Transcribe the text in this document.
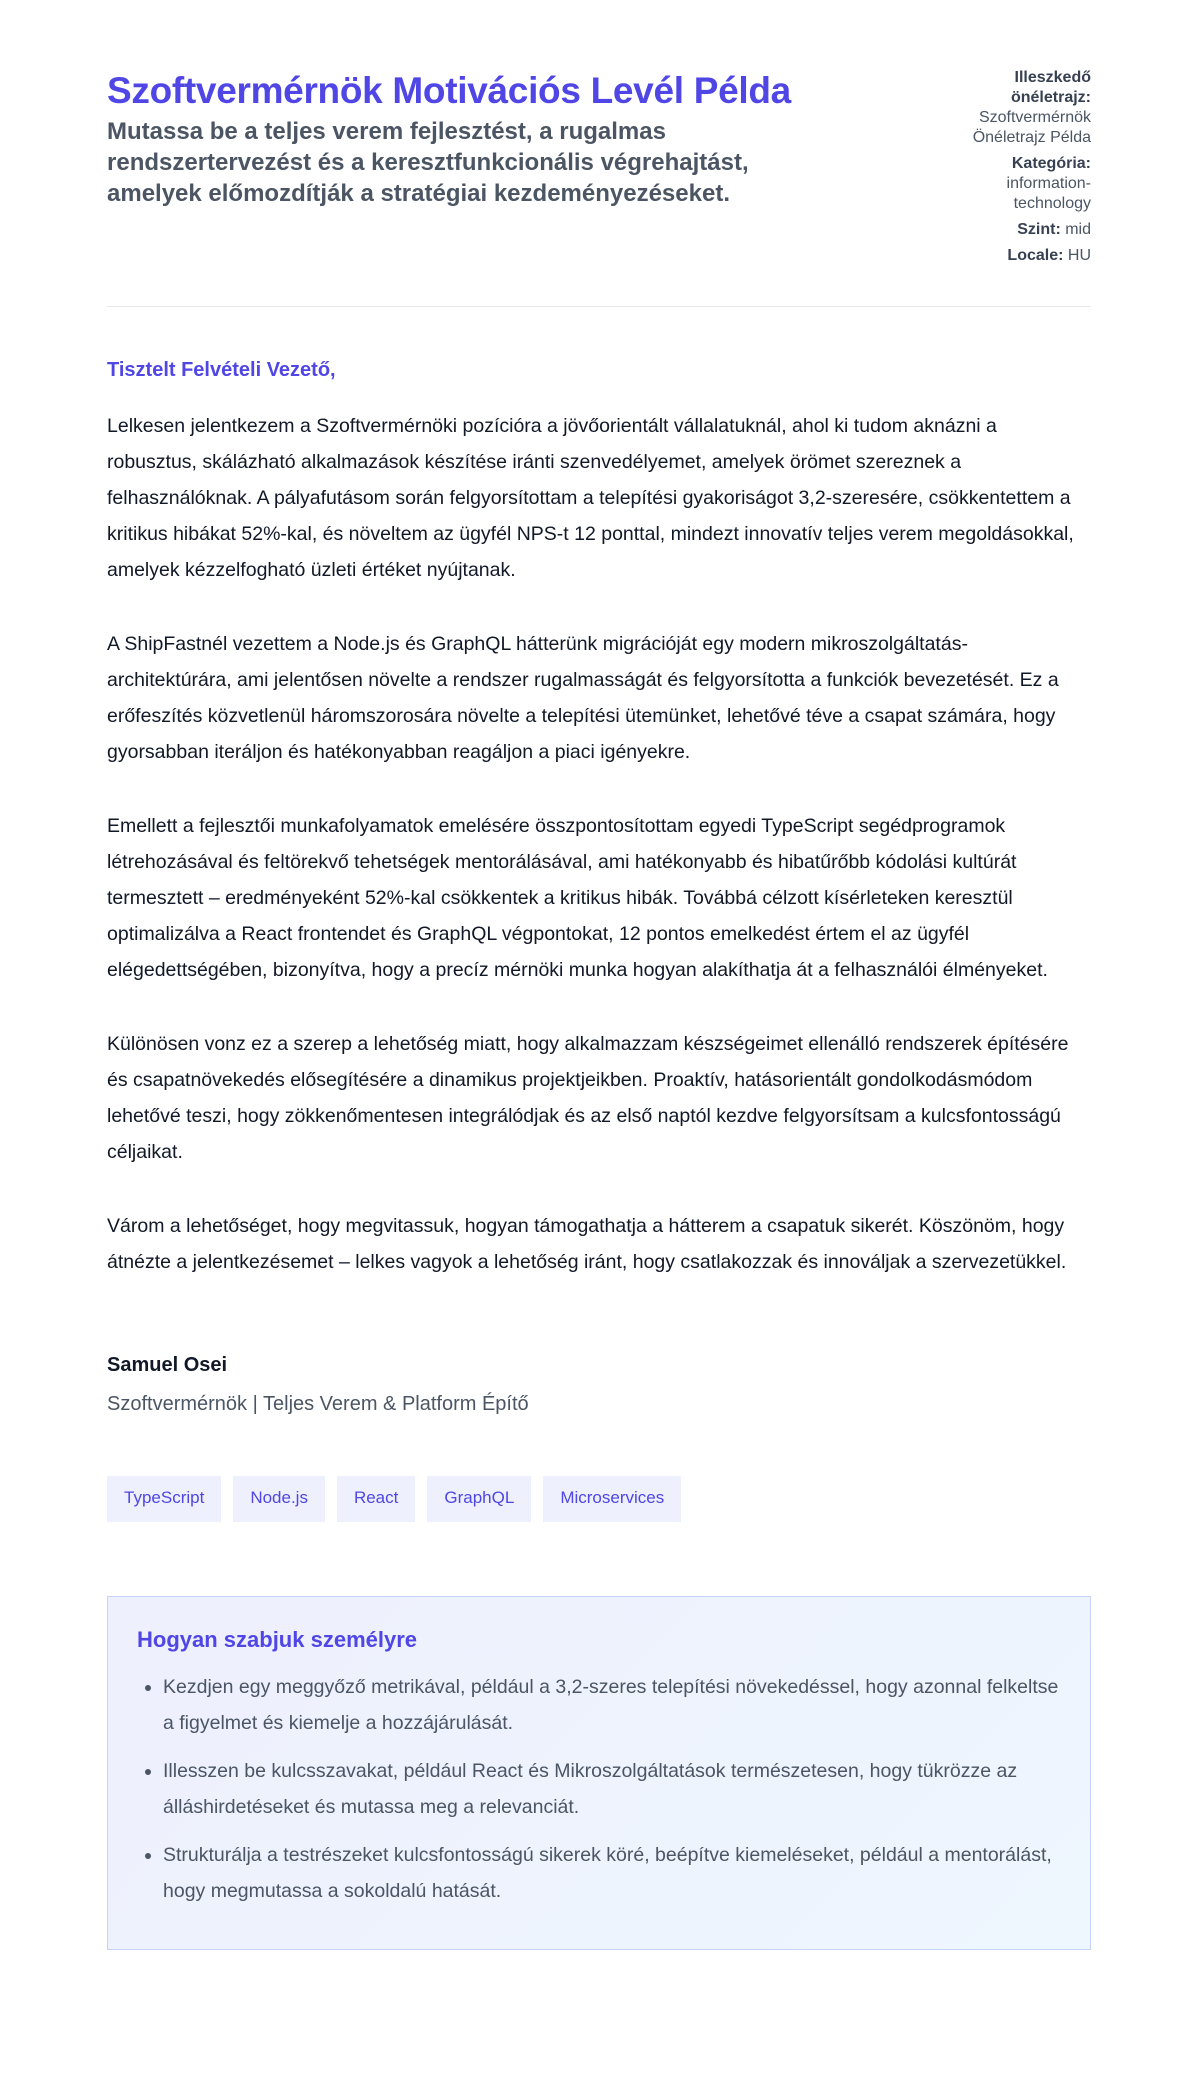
Szoftvermérnök Motivációs Levél Példa
Mutassa be a teljes verem fejlesztést, a rugalmas rendszertervezést és a keresztfunkcionális végrehajtást, amelyek előmozdítják a stratégiai kezdeményezéseket.
Illeszkedő önéletrajz: Szoftvermérnök Önéletrajz Példa
Kategória: information-technology
Szint: mid
Locale: HU
Tisztelt Felvételi Vezető,

Lelkesen jelentkezem a Szoftvermérnöki pozícióra a jövőorientált vállalatuknál, ahol ki tudom aknázni a robusztus, skálázható alkalmazások készítése iránti szenvedélyemet, amelyek örömet szereznek a felhasználóknak. A pályafutásom során felgyorsítottam a telepítési gyakoriságot 3,2-szeresére, csökkentettem a kritikus hibákat 52%-kal, és növeltem az ügyfél NPS-t 12 ponttal, mindezt innovatív teljes verem megoldásokkal, amelyek kézzelfogható üzleti értéket nyújtanak.

A ShipFastnél vezettem a Node.js és GraphQL hátterünk migrációját egy modern mikroszolgáltatás-architektúrára, ami jelentősen növelte a rendszer rugalmasságát és felgyorsította a funkciók bevezetését. Ez a erőfeszítés közvetlenül háromszorosára növelte a telepítési ütemünket, lehetővé téve a csapat számára, hogy gyorsabban iteráljon és hatékonyabban reagáljon a piaci igényekre.

Emellett a fejlesztői munkafolyamatok emelésére összpontosítottam egyedi TypeScript segédprogramok létrehozásával és feltörekvő tehetségek mentorálásával, ami hatékonyabb és hibatűrőbb kódolási kultúrát termesztett – eredményeként 52%-kal csökkentek a kritikus hibák. Továbbá célzott kísérleteken keresztül optimalizálva a React frontendet és GraphQL végpontokat, 12 pontos emelkedést értem el az ügyfél elégedettségében, bizonyítva, hogy a precíz mérnöki munka hogyan alakíthatja át a felhasználói élményeket.

Különösen vonz ez a szerep a lehetőség miatt, hogy alkalmazzam készségeimet ellenálló rendszerek építésére és csapatnövekedés elősegítésére a dinamikus projektjeikben. Proaktív, hatásorientált gondolkodásmódom lehetővé teszi, hogy zökkenőmentesen integrálódjak és az első naptól kezdve felgyorsítsam a kulcsfontosságú céljaikat.

Várom a lehetőséget, hogy megvitassuk, hogyan támogathatja a hátterem a csapatuk sikerét. Köszönöm, hogy átnézte a jelentkezésemet – lelkes vagyok a lehetőség iránt, hogy csatlakozzak és innováljak a szervezetükkel.

Samuel Osei
Szoftvermérnök | Teljes Verem & Platform Építő
TypeScript	Node.js	React	GraphQL	Microservices
Hogyan szabjuk személyre
• Kezdjen egy meggyőző metrikával, például a 3,2-szeres telepítési növekedéssel, hogy azonnal felkeltse a figyelmet és kiemelje a hozzájárulását.
• Illesszen be kulcsszavakat, például React és Mikroszolgáltatások természetesen, hogy tükrözze az álláshirdetéseket és mutassa meg a relevanciát.
• Strukturálja a testrészeket kulcsfontosságú sikerek köré, beépítve kiemeléseket, például a mentorálást, hogy megmutassa a sokoldalú hatását.
